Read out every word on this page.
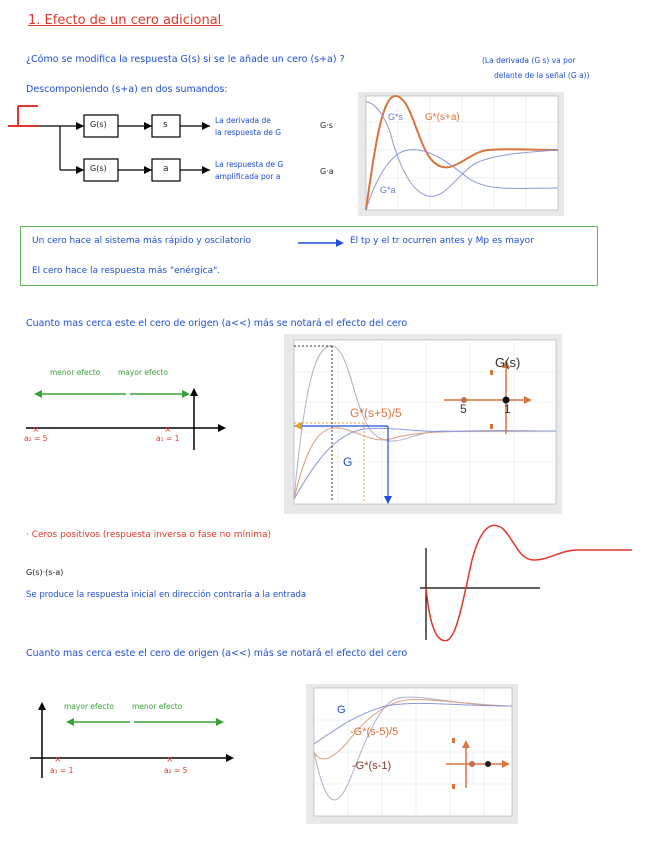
1. Efecto de un cero adicional
¿Cómo se modifica la respuesta G(s) si se le añade un cero (s+a) ?	(La derivada (G s) va por
delante de la señal (G a))
Descomponiendo (s+a) en dos sumandos:
G(s)	s	La derivada de
la respuesta de G
G·s
G(s)	a	La respuesta de G
amplificada por a
G·a
G*s G*(s+a)
G*a
Un cero hace al sistema más rápido y oscilatorio	El tp y el tr ocurren antes y Mp es mayor
El cero hace la respuesta más "enérgica".
Cuanto mas cerca este el cero de origen (a<<) más se notará el efecto del cero
×	×
menor efecto mayor efecto
a₂ = 5	a₁ = 1
G
G*(s+5)/5
G(s)
5	1
· Ceros positivos (respuesta inversa o fase no mínima)
G(s)·(s-a)
Se produce la respuesta inicial en dirección contraria a la entrada
Cuanto mas cerca este el cero de origen (a<<) más se notará el efecto del cero
×	×
mayor efecto menor efecto
a₁ = 1	a₂ = 5
G
-G*(s-5)/5
-G*(s-1)
